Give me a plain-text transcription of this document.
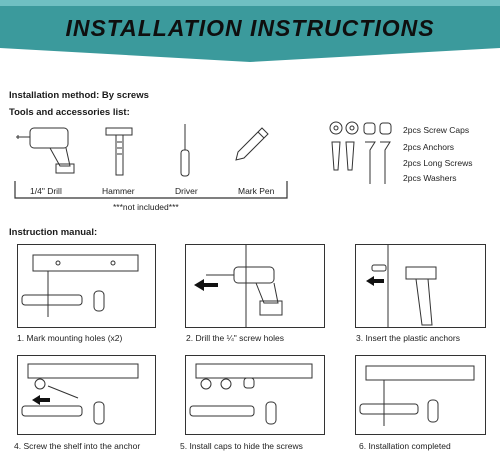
INSTALLATION INSTRUCTIONS
Installation method: By screws
Tools and accessories list:
1/4" Drill	Hammer	Driver	Mark Pen
***not included***
2pcs Screw Caps
2pcs Anchors
2pcs Long Screws
2pcs Washers
Instruction manual:
1. Mark mounting holes (x2)	2. Drill the ¼" screw holes	3. Insert the plastic anchors
4. Screw the shelf into the anchor	5. Install caps to hide the screws	6. Installation completed
